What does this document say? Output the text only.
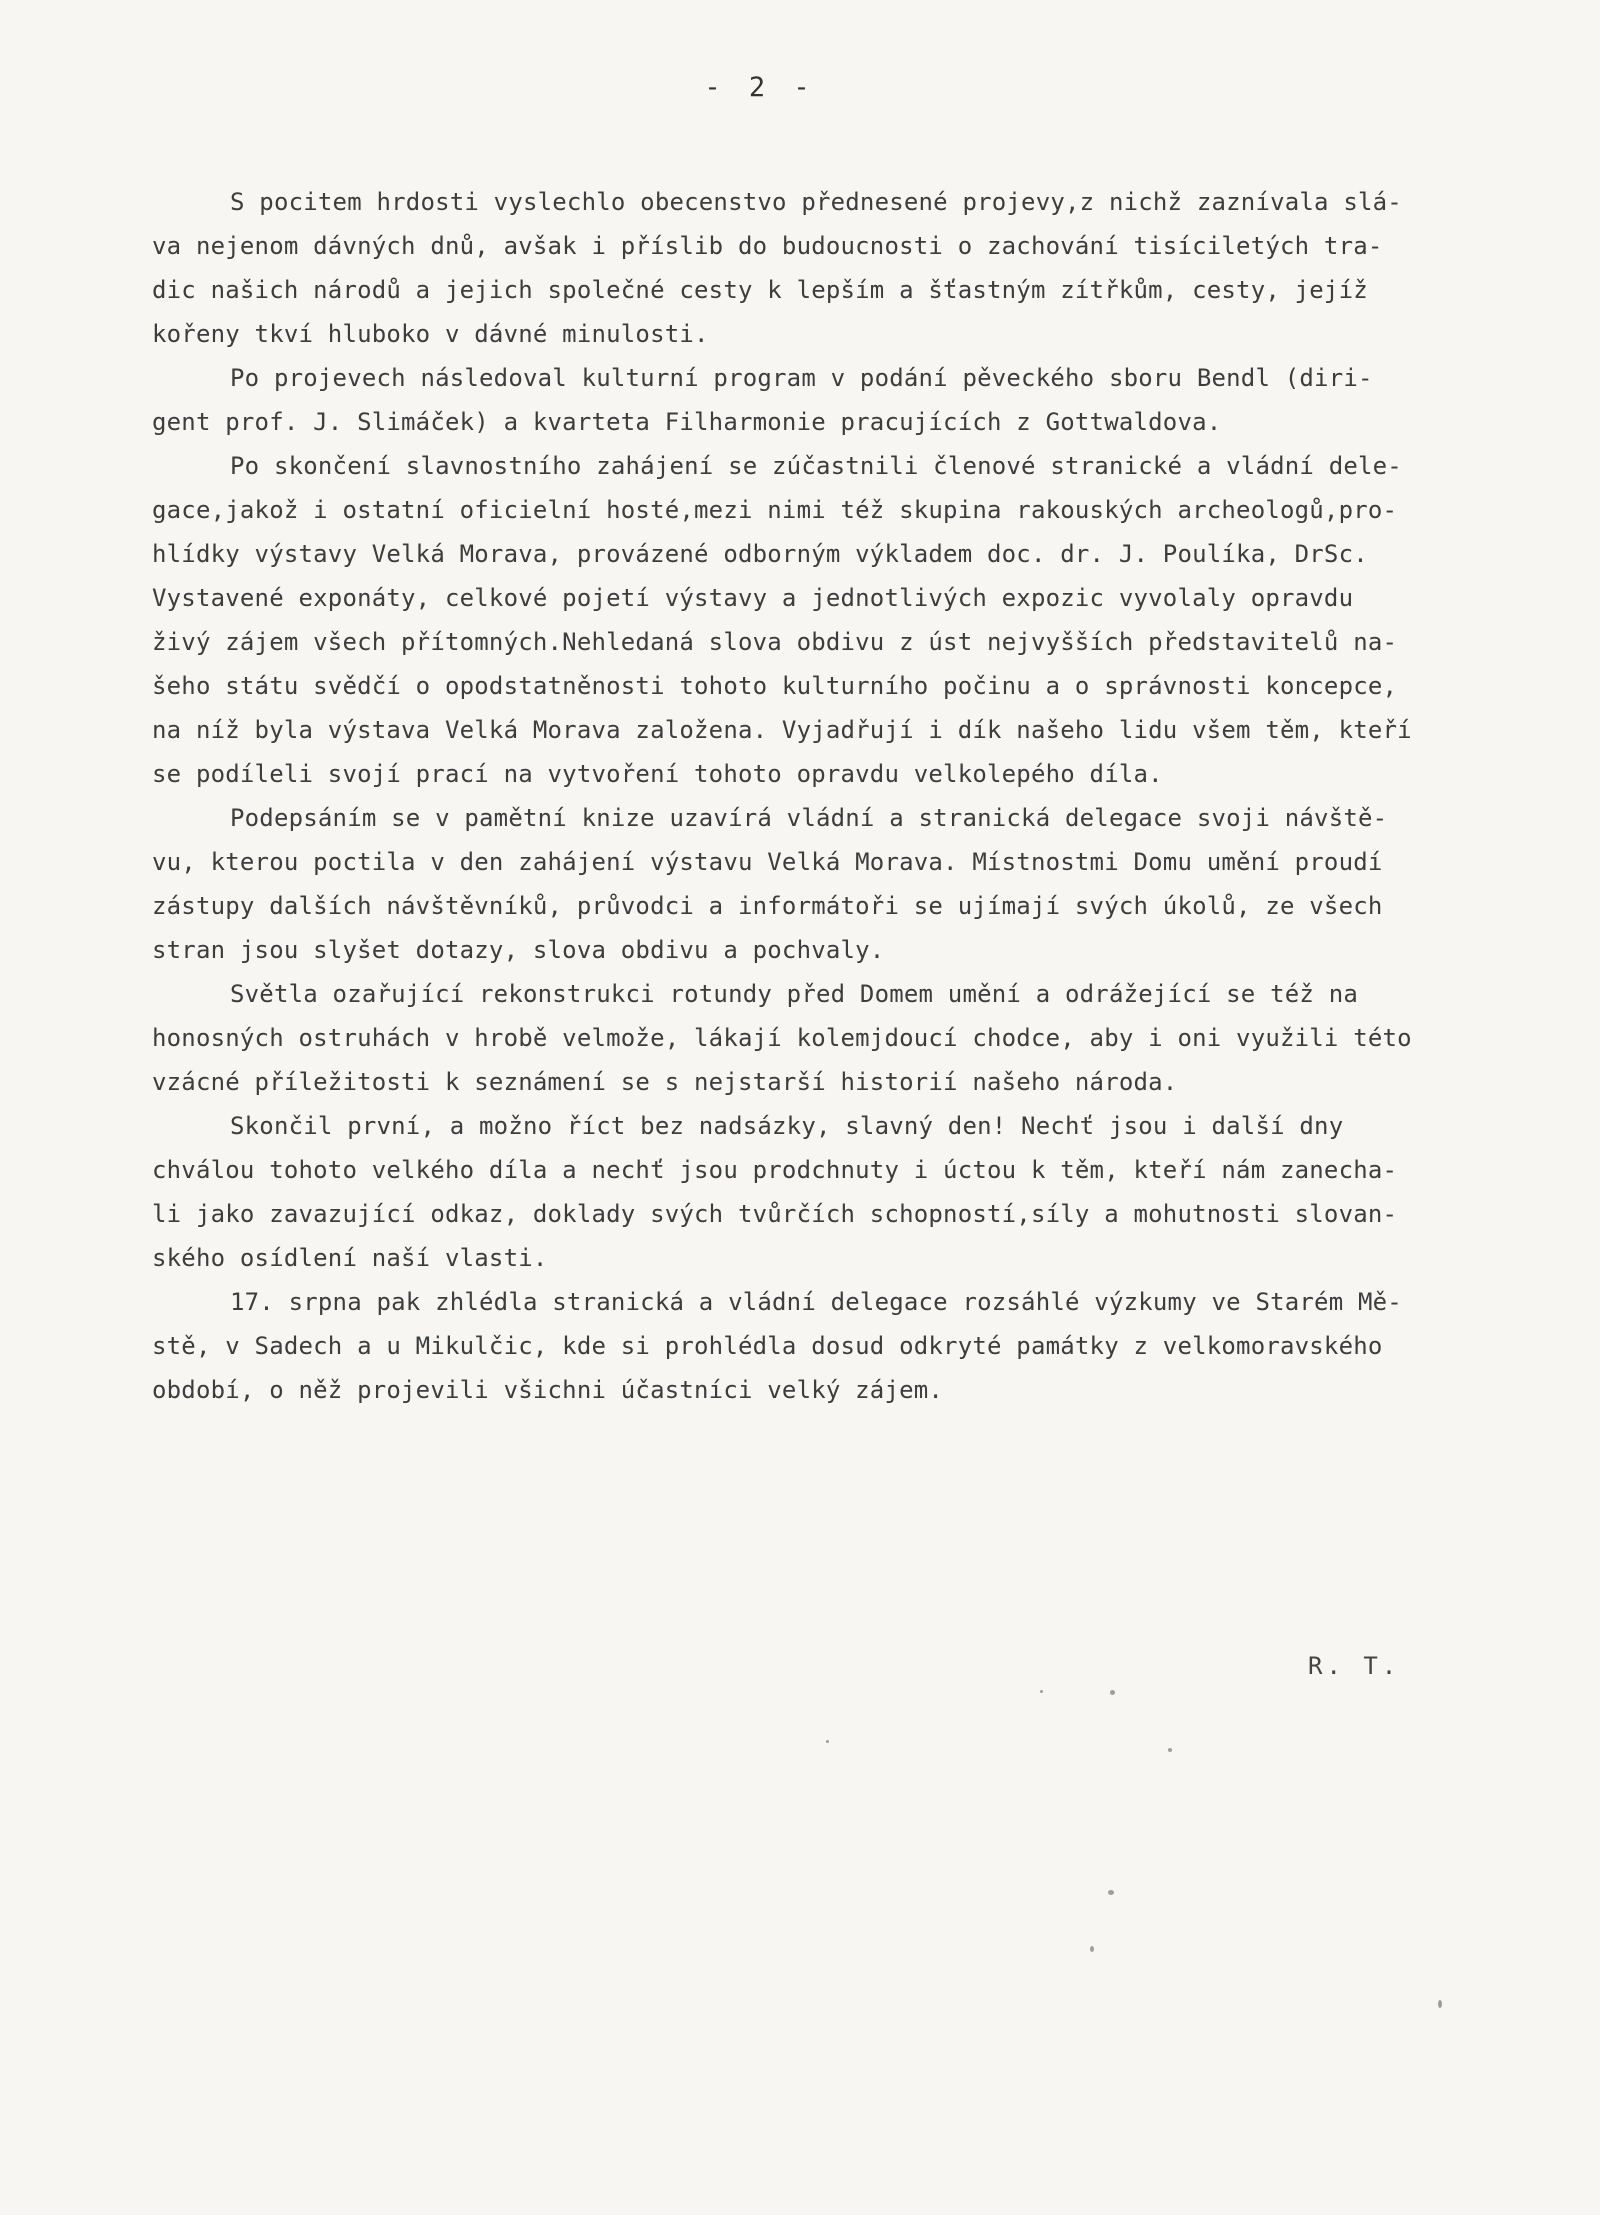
- 2 -
S pocitem hrdosti vyslechlo obecenstvo přednesené projevy,z nichž zaznívala slá-
va nejenom dávných dnů, avšak i příslib do budoucnosti o zachování tisíciletých tra-
dic našich národů a jejich společné cesty k lepším a šťastným zítřkům, cesty, jejíž
kořeny tkví hluboko v dávné minulosti.
Po projevech následoval kulturní program v podání pěveckého sboru Bendl (diri-
gent prof. J. Slimáček) a kvarteta Filharmonie pracujících z Gottwaldova.
Po skončení slavnostního zahájení se zúčastnili členové stranické a vládní dele-
gace,jakož i ostatní oficielní hosté,mezi nimi též skupina rakouských archeologů,pro-
hlídky výstavy Velká Morava, provázené odborným výkladem doc. dr. J. Poulíka, DrSc.
Vystavené exponáty, celkové pojetí výstavy a jednotlivých expozic vyvolaly opravdu
živý zájem všech přítomných.Nehledaná slova obdivu z úst nejvyšších představitelů na-
šeho státu svědčí o opodstatněnosti tohoto kulturního počinu a o správnosti koncepce,
na níž byla výstava Velká Morava založena. Vyjadřují i dík našeho lidu všem těm, kteří
se podíleli svojí prací na vytvoření tohoto opravdu velkolepého díla.
Podepsáním se v pamětní knize uzavírá vládní a stranická delegace svoji návště-
vu, kterou poctila v den zahájení výstavu Velká Morava. Místnostmi Domu umění proudí
zástupy dalších návštěvníků, průvodci a informátoři se ujímají svých úkolů, ze všech
stran jsou slyšet dotazy, slova obdivu a pochvaly.
Světla ozařující rekonstrukci rotundy před Domem umění a odrážející se též na
honosných ostruhách v hrobě velmože, lákají kolemjdoucí chodce, aby i oni využili této
vzácné příležitosti k seznámení se s nejstarší historií našeho národa.
Skončil první, a možno říct bez nadsázky, slavný den! Nechť jsou i další dny
chválou tohoto velkého díla a nechť jsou prodchnuty i úctou k těm, kteří nám zanecha-
li jako zavazující odkaz, doklady svých tvůrčích schopností,síly a mohutnosti slovan-
ského osídlení naší vlasti.
17. srpna pak zhlédla stranická a vládní delegace rozsáhlé výzkumy ve Starém Mě-
stě, v Sadech a u Mikulčic, kde si prohlédla dosud odkryté památky z velkomoravského
období, o něž projevili všichni účastníci velký zájem.
R. T.
